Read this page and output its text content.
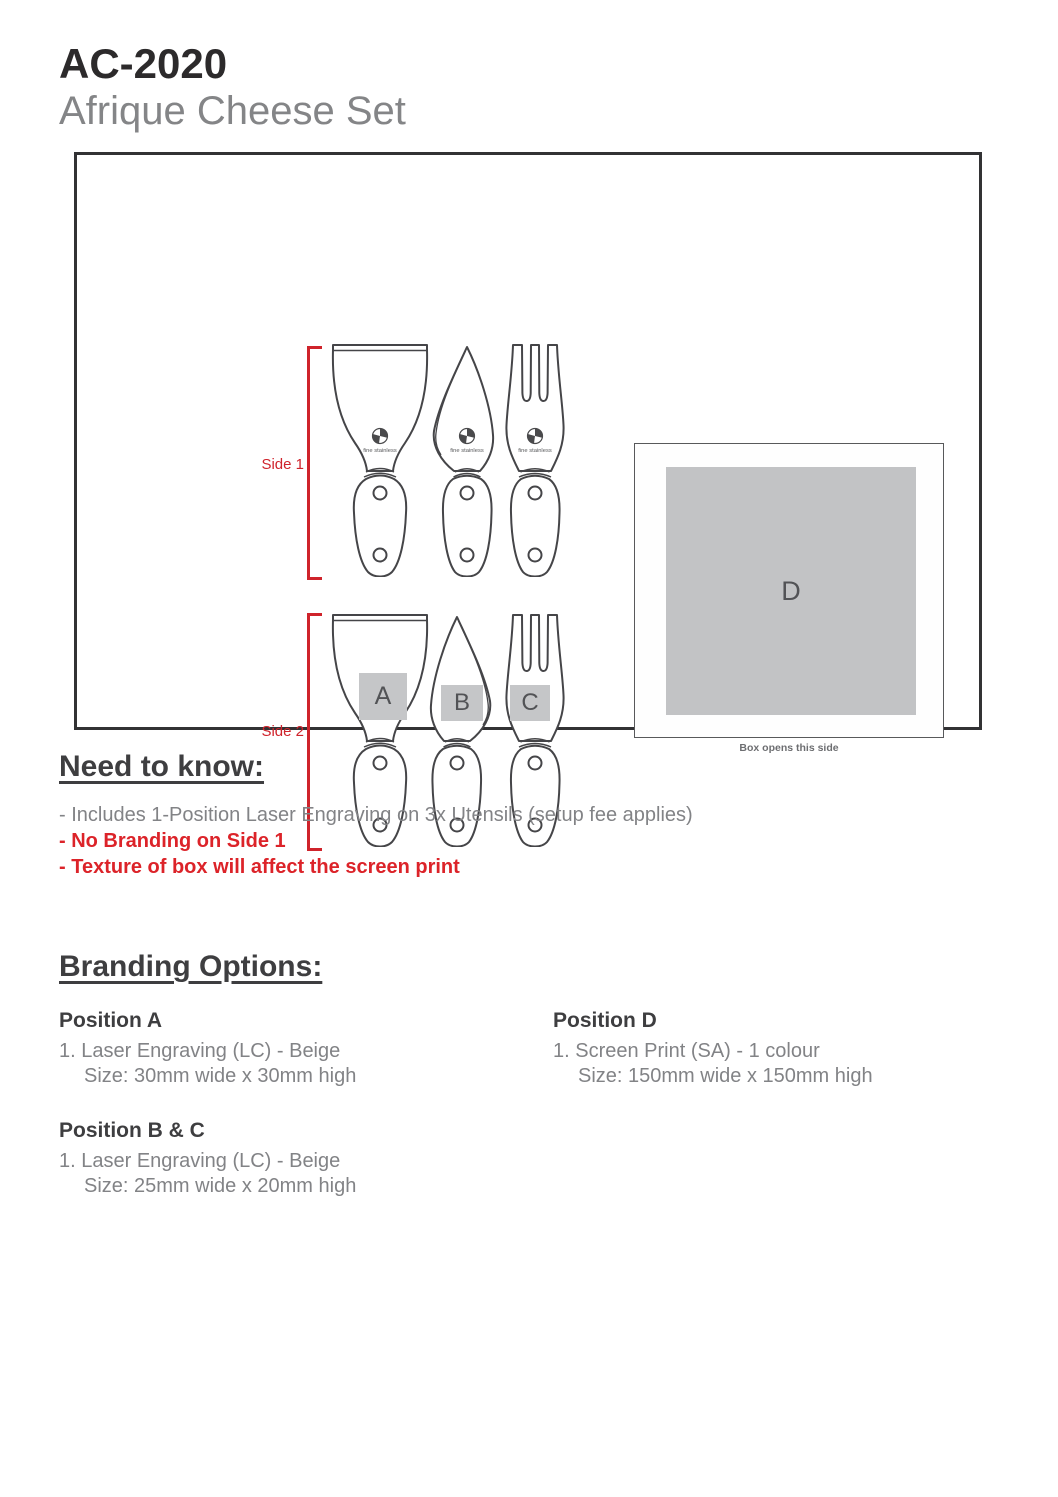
AC-2020
Afrique Cheese Set
Side 1
fine stainless	fine stainless	fine stainless
Side 2
A	B	C
D
Box opens this side
Need to know:
- Includes 1-Position Laser Engraving on 3x Utensils (setup fee applies)
- No Branding on Side 1
- Texture of box will affect the screen print
Branding Options:
Position A

1. Laser Engraving (LC) - Beige

Size: 30mm wide x 30mm high

Position B & C

1. Laser Engraving (LC) - Beige

Size: 25mm wide x 20mm high

Position D

1. Screen Print (SA) - 1 colour

Size: 150mm wide x 150mm high
